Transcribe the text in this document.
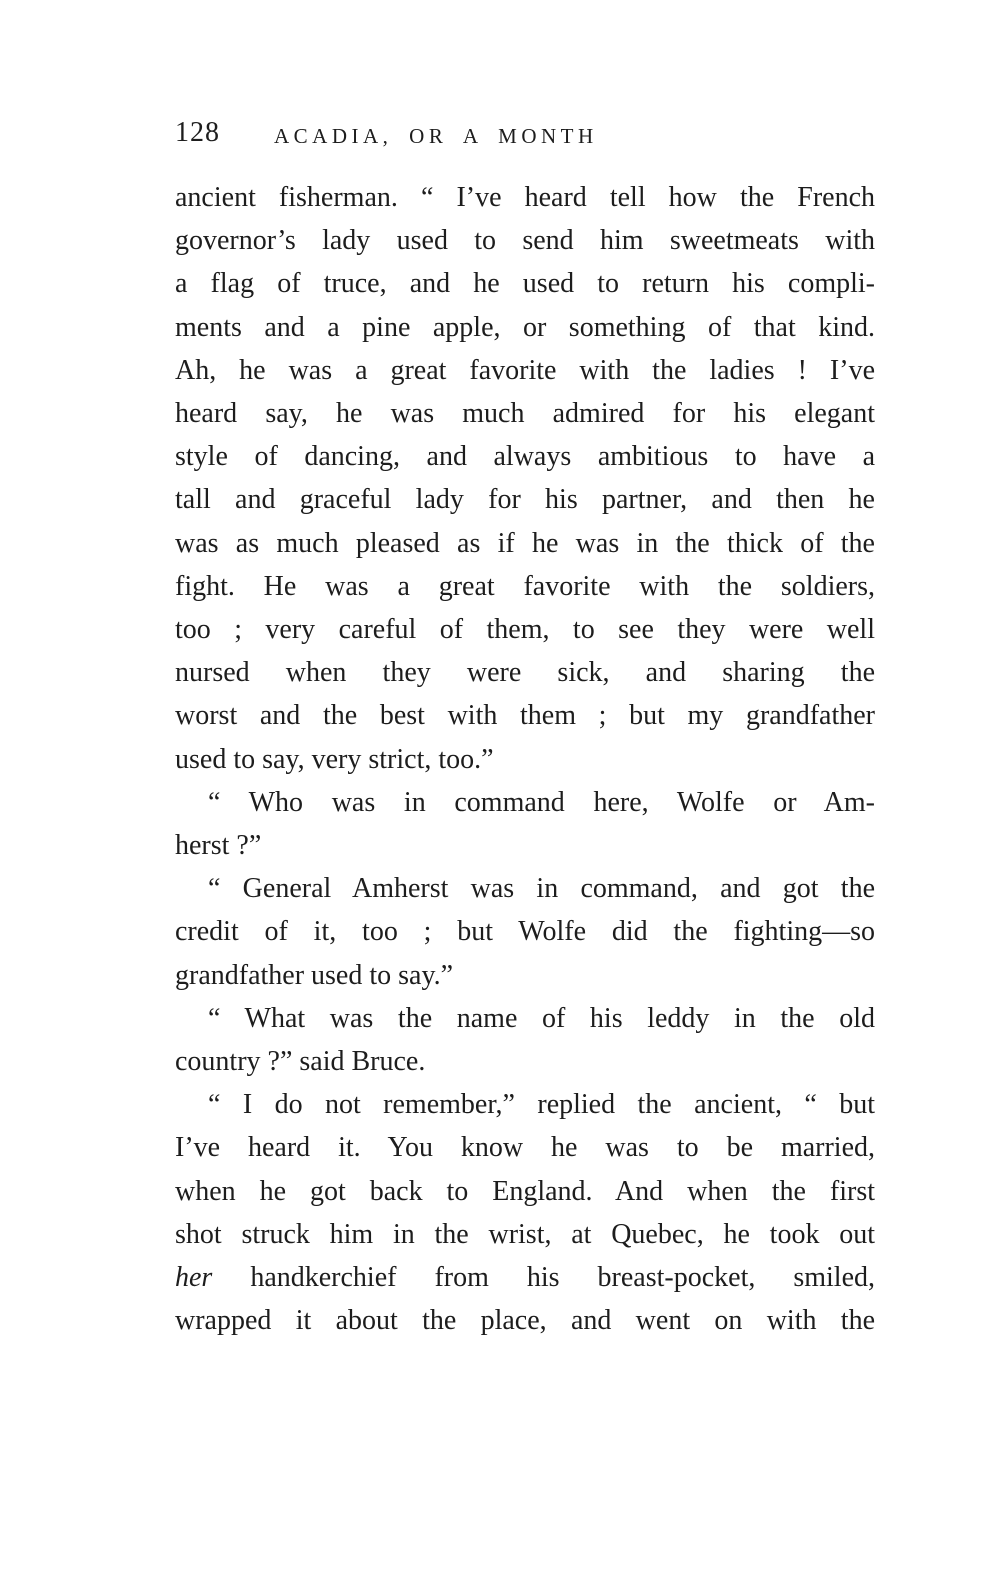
128	ACADIA, OR A MONTH
ancient fisherman. “ I’ve heard tell how the French
governor’s lady used to send him sweetmeats with
a flag of truce, and he used to return his compli-
ments and a pine apple, or something of that kind.
Ah, he was a great favorite with the ladies ! I’ve
heard say, he was much admired for his elegant
style of dancing, and always ambitious to have a
tall and graceful lady for his partner, and then he
was as much pleased as if he was in the thick of the
fight. He was a great favorite with the soldiers,
too ; very careful of them, to see they were well
nursed when they were sick, and sharing the
worst and the best with them ; but my grandfather
used to say, very strict, too.”
“ Who was in command here, Wolfe or Am-
herst ?”
“ General Amherst was in command, and got the
credit of it, too ; but Wolfe did the fighting—so
grandfather used to say.”
“ What was the name of his leddy in the old
country ?” said Bruce.
“ I do not remember,” replied the ancient, “ but
I’ve heard it. You know he was to be married,
when he got back to England. And when the first
shot struck him in the wrist, at Quebec, he took out
her handkerchief from his breast-pocket, smiled,
wrapped it about the place, and went on with the
